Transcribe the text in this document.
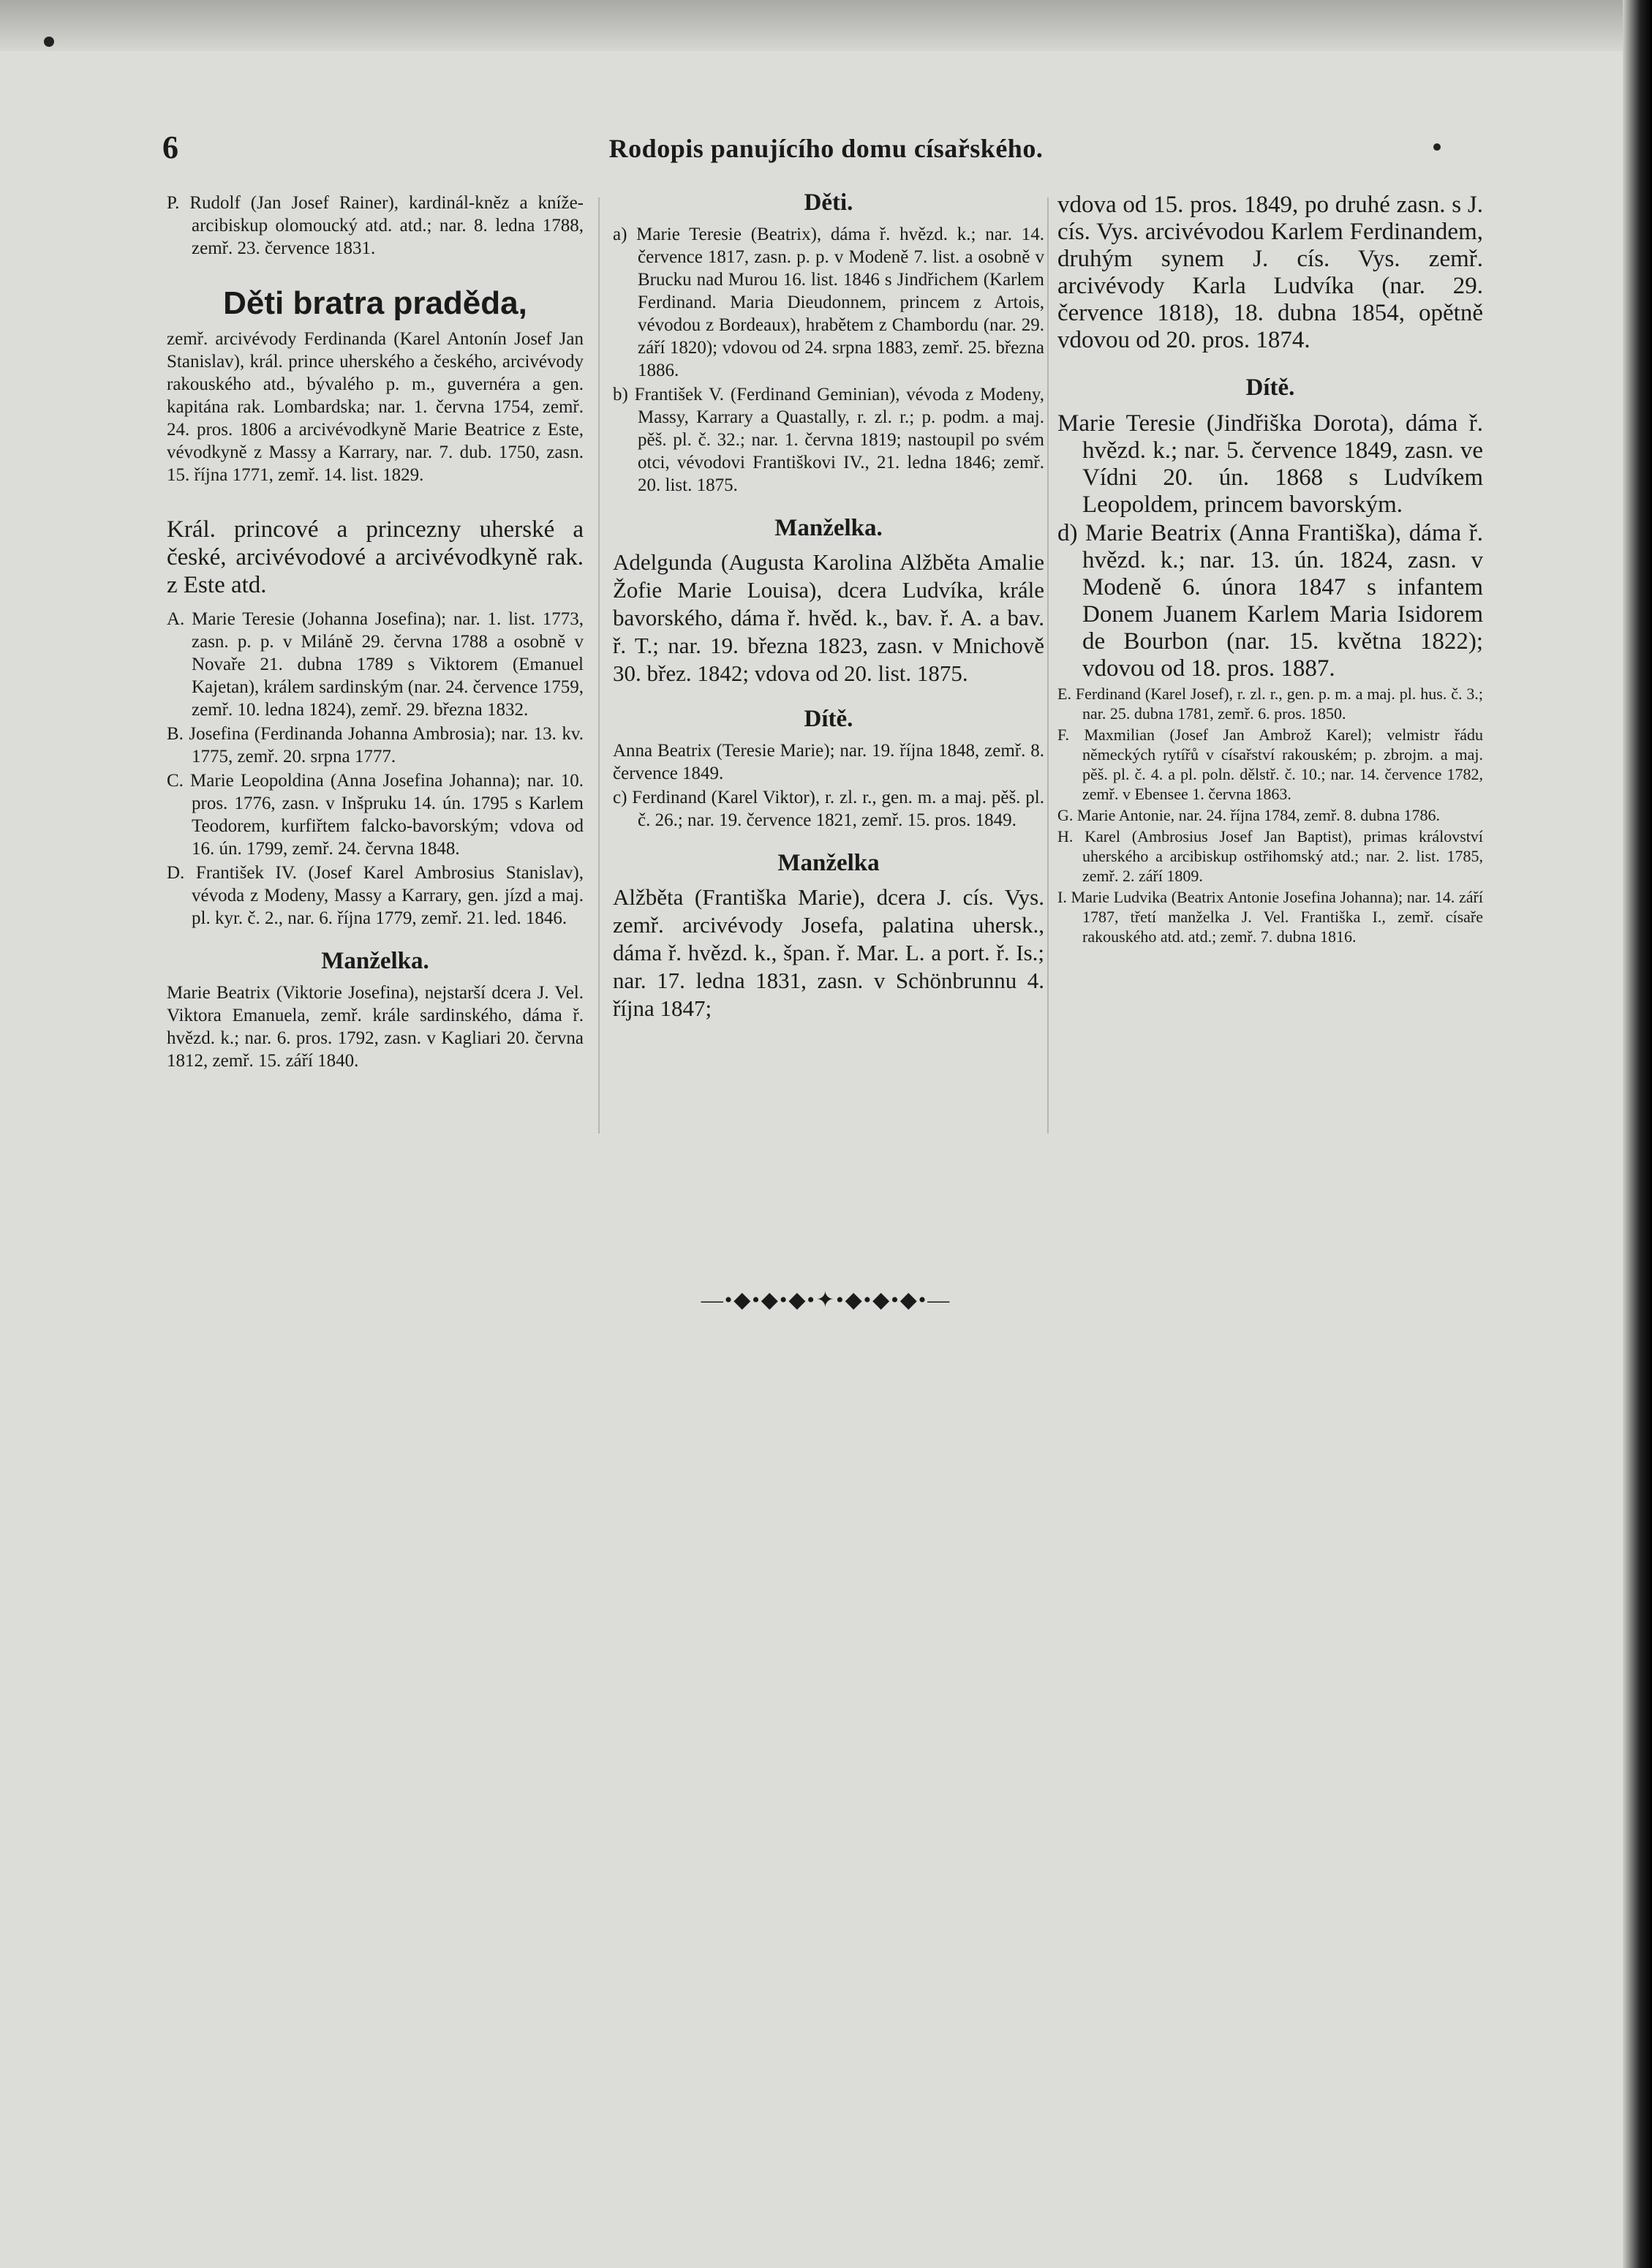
6	Rodopis panujícího domu císařského.

P. Rudolf (Jan Josef Rainer), kardinál-kněz a kníže-arcibiskup olomoucký atd. atd.; nar. 8. ledna 1788, zemř. 23. července 1831.

Děti bratra praděda,

zemř. arcivévody Ferdinanda (Karel Antonín Josef Jan Stanislav), král. prince uherského a českého, arcivévody rakouského atd., bývalého p. m., guvernéra a gen. kapitána rak. Lombardska; nar. 1. června 1754, zemř. 24. pros. 1806 a arcivévodkyně Marie Beatrice z Este, vévodkyně z Massy a Karrary, nar. 7. dub. 1750, zasn. 15. října 1771, zemř. 14. list. 1829.

Král. princové a princezny uherské a české, arcivévodové a arcivévodkyně rak. z Este atd.

A. Marie Teresie (Johanna Josefina); nar. 1. list. 1773, zasn. p. p. v Miláně 29. června 1788 a osobně v Novaře 21. dubna 1789 s Viktorem (Emanuel Kajetan), králem sardinským (nar. 24. července 1759, zemř. 10. ledna 1824), zemř. 29. března 1832.

B. Josefina (Ferdinanda Johanna Ambrosia); nar. 13. kv. 1775, zemř. 20. srpna 1777.

C. Marie Leopoldina (Anna Josefina Johanna); nar. 10. pros. 1776, zasn. v Inšpruku 14. ún. 1795 s Karlem Teodorem, kurfiřtem falcko-bavorským; vdova od 16. ún. 1799, zemř. 24. června 1848.

D. František IV. (Josef Karel Ambrosius Stanislav), vévoda z Modeny, Massy a Karrary, gen. jízd a maj. pl. kyr. č. 2., nar. 6. října 1779, zemř. 21. led. 1846.

Manželka.

Marie Beatrix (Viktorie Josefina), nejstarší dcera J. Vel. Viktora Emanuela, zemř. krále sardinského, dáma ř. hvězd. k.; nar. 6. pros. 1792, zasn. v Kagliari 20. června 1812, zemř. 15. září 1840.

Děti.

a) Marie Teresie (Beatrix), dáma ř. hvězd. k.; nar. 14. července 1817, zasn. p. p. v Modeně 7. list. a osobně v Brucku nad Murou 16. list. 1846 s Jindřichem (Karlem Ferdinand. Maria Dieudonnem, princem z Artois, vévodou z Bordeaux), hrabětem z Chambordu (nar. 29. září 1820); vdovou od 24. srpna 1883, zemř. 25. března 1886.

b) František V. (Ferdinand Geminian), vévoda z Modeny, Massy, Karrary a Quastally, r. zl. r.; p. podm. a maj. pěš. pl. č. 32.; nar. 1. června 1819; nastoupil po svém otci, vévodovi Františkovi IV., 21. ledna 1846; zemř. 20. list. 1875.

Manželka.

Adelgunda (Augusta Karolina Alžběta Amalie Žofie Marie Louisa), dcera Ludvíka, krále bavorského, dáma ř. hvěd. k., bav. ř. A. a bav. ř. T.; nar. 19. března 1823, zasn. v Mnichově 30. břez. 1842; vdova od 20. list. 1875.

Dítě.

Anna Beatrix (Teresie Marie); nar. 19. října 1848, zemř. 8. července 1849.

c) Ferdinand (Karel Viktor), r. zl. r., gen. m. a maj. pěš. pl. č. 26.; nar. 19. července 1821, zemř. 15. pros. 1849.

Manželka

Alžběta (Františka Marie), dcera J. cís. Vys. zemř. arcivévody Josefa, palatina uhersk., dáma ř. hvězd. k., špan. ř. Mar. L. a port. ř. Is.; nar. 17. ledna 1831, zasn. v Schönbrunnu 4. října 1847;

vdova od 15. pros. 1849, po druhé zasn. s J. cís. Vys. arcivévodou Karlem Ferdinandem, druhým synem J. cís. Vys. zemř. arcivévody Karla Ludvíka (nar. 29. července 1818), 18. dubna 1854, opětně vdovou od 20. pros. 1874.

Dítě.

Marie Teresie (Jindřiška Dorota), dáma ř. hvězd. k.; nar. 5. července 1849, zasn. ve Vídni 20. ún. 1868 s Ludvíkem Leopoldem, princem bavorským.

d) Marie Beatrix (Anna Františka), dáma ř. hvězd. k.; nar. 13. ún. 1824, zasn. v Modeně 6. února 1847 s infantem Donem Juanem Karlem Maria Isidorem de Bourbon (nar. 15. května 1822); vdovou od 18. pros. 1887.

E. Ferdinand (Karel Josef), r. zl. r., gen. p. m. a maj. pl. hus. č. 3.; nar. 25. dubna 1781, zemř. 6. pros. 1850.

F. Maxmilian (Josef Jan Ambrož Karel); velmistr řádu německých rytířů v císařství rakouském; p. zbrojm. a maj. pěš. pl. č. 4. a pl. poln. dělstř. č. 10.; nar. 14. července 1782, zemř. v Ebensee 1. června 1863.

G. Marie Antonie, nar. 24. října 1784, zemř. 8. dubna 1786.

H. Karel (Ambrosius Josef Jan Baptist), primas království uherského a arcibiskup ostřihomský atd.; nar. 2. list. 1785, zemř. 2. září 1809.

I. Marie Ludvika (Beatrix Antonie Josefina Johanna); nar. 14. září 1787, třetí manželka J. Vel. Františka I., zemř. císaře rakouského atd. atd.; zemř. 7. dubna 1816.

—•◆•◆•◆•✦•◆•◆•◆•—
